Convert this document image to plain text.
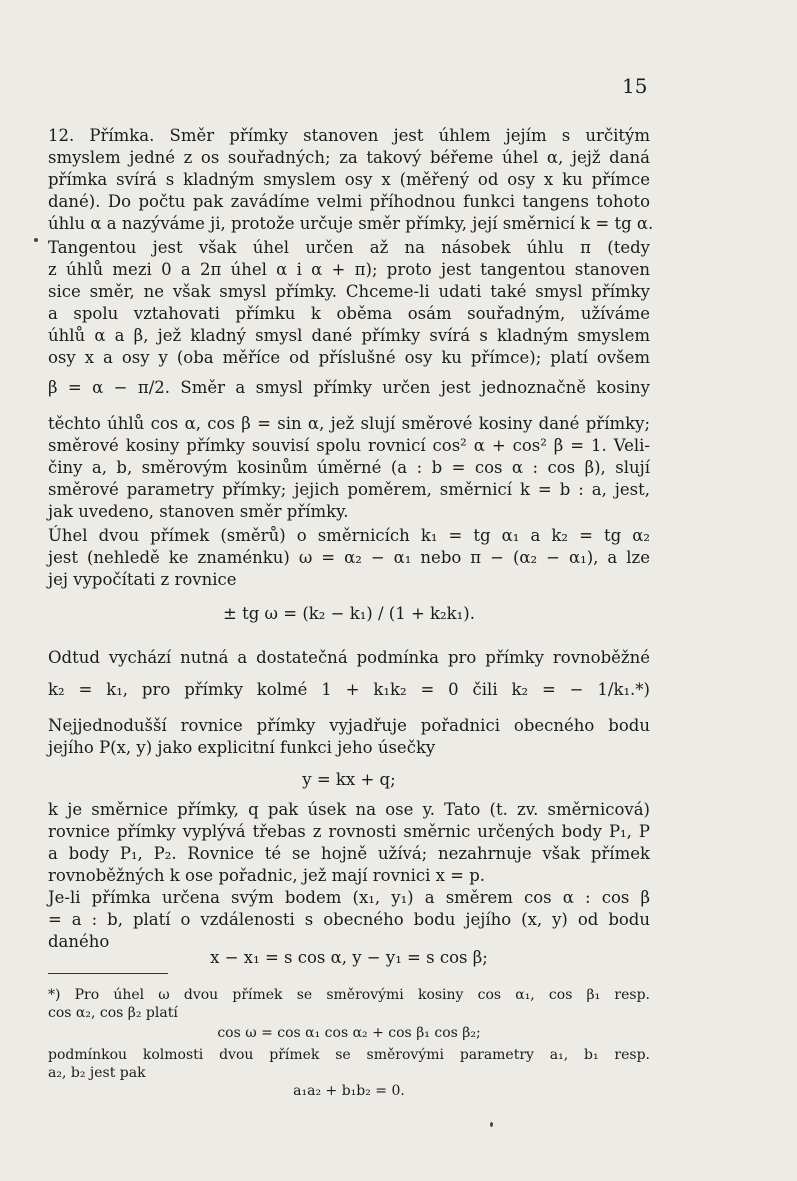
15
12. Přímka. Směr přímky stanoven jest úhlem jejím s určitým
smyslem jedné z os souřadných; za takový béřeme úhel α, jejž daná
přímka svírá s kladným smyslem osy x (měřený od osy x ku přímce
dané). Do počtu pak zavádíme velmi příhodnou funkci tangens tohoto
úhlu α a nazýváme ji, protože určuje směr přímky, její směrnicí k = tg α.
Tangentou jest však úhel určen až na násobek úhlu π (tedy
z úhlů mezi 0 a 2π úhel α i α + π); proto jest tangentou stanoven
sice směr, ne však smysl přímky. Chceme-li udati také smysl přímky
a spolu vztahovati přímku k oběma osám souřadným, užíváme
úhlů α a β, jež kladný smysl dané přímky svírá s kladným smyslem
osy x a osy y (oba měříce od příslušné osy ku přímce); platí ovšem
β = α − π/2. Směr a smysl přímky určen jest jednoznačně kosiny
těchto úhlů cos α, cos β = sin α, jež slují směrové kosiny dané přímky;
směrové kosiny přímky souvisí spolu rovnicí cos² α + cos² β = 1. Veli-
činy a, b, směrovým kosinům úměrné (a : b = cos α : cos β), slují
směrové parametry přímky; jejich poměrem, směrnicí k = b : a, jest,
jak uvedeno, stanoven směr přímky.
Úhel dvou přímek (směrů) o směrnicích k₁ = tg α₁ a k₂ = tg α₂
jest (nehledě ke znaménku) ω = α₂ − α₁ nebo π − (α₂ − α₁), a lze
jej vypočítati z rovnice
± tg ω = (k₂ − k₁) / (1 + k₂k₁).
Odtud vychází nutná a dostatečná podmínka pro přímky rovnoběžné
k₂ = k₁, pro přímky kolmé 1 + k₁k₂ = 0 čili k₂ = − 1/k₁.*)
Nejjednodušší rovnice přímky vyjadřuje pořadnici obecného bodu
jejího P(x, y) jako explicitní funkci jeho úsečky
y = kx + q;
k je směrnice přímky, q pak úsek na ose y. Tato (t. zv. směrnicová)
rovnice přímky vyplývá třebas z rovnosti směrnic určených body P₁, P
a body P₁, P₂. Rovnice té se hojně užívá; nezahrnuje však přímek
rovnoběžných k ose pořadnic, jež mají rovnici x = p.
Je-li přímka určena svým bodem (x₁, y₁) a směrem cos α : cos β
= a : b, platí o vzdálenosti s obecného bodu jejího (x, y) od bodu
daného
x − x₁ = s cos α, y − y₁ = s cos β;
*) Pro úhel ω dvou přímek se směrovými kosiny cos α₁, cos β₁ resp.
cos α₂, cos β₂ platí
cos ω = cos α₁ cos α₂ + cos β₁ cos β₂;
podmínkou kolmosti dvou přímek se směrovými parametry a₁, b₁ resp.
a₂, b₂ jest pak
a₁a₂ + b₁b₂ = 0.
